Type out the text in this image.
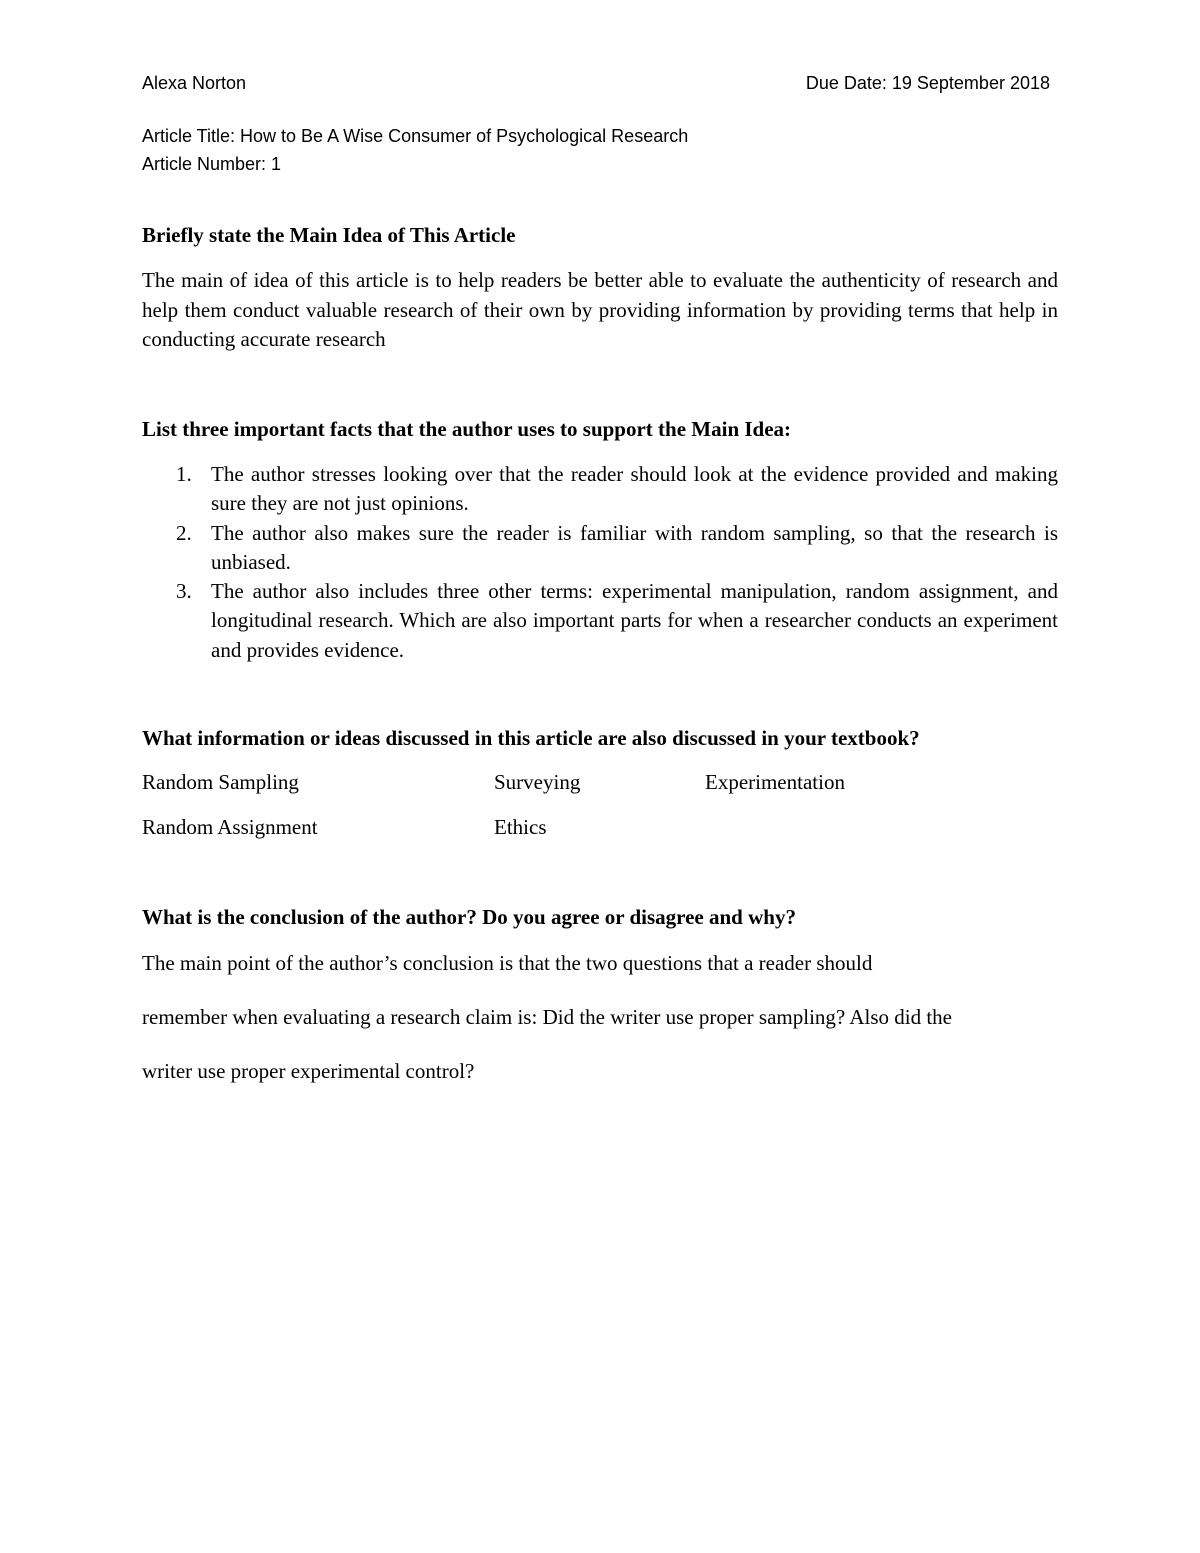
Alexa Norton	Due Date: 19 September 2018
Article Title: How to Be A Wise Consumer of Psychological Research
Article Number: 1
Briefly state the Main Idea of This Article
The main of idea of this article is to help readers be better able to evaluate the authenticity of research and help them conduct valuable research of their own by providing information by providing terms that help in conducting accurate research
List three important facts that the author uses to support the Main Idea:
1. The author stresses looking over that the reader should look at the evidence provided and making sure they are not just opinions.
2. The author also makes sure the reader is familiar with random sampling, so that the research is unbiased.
3. The author also includes three other terms: experimental manipulation, random assignment, and longitudinal research. Which are also important parts for when a researcher conducts an experiment and provides evidence.
What information or ideas discussed in this article are also discussed in your textbook?
Random Sampling	Surveying	Experimentation
Random Assignment	Ethics
What is the conclusion of the author? Do you agree or disagree and why?
The main point of the author’s conclusion is that the two questions that a reader should
remember when evaluating a research claim is: Did the writer use proper sampling? Also did the
writer use proper experimental control?
